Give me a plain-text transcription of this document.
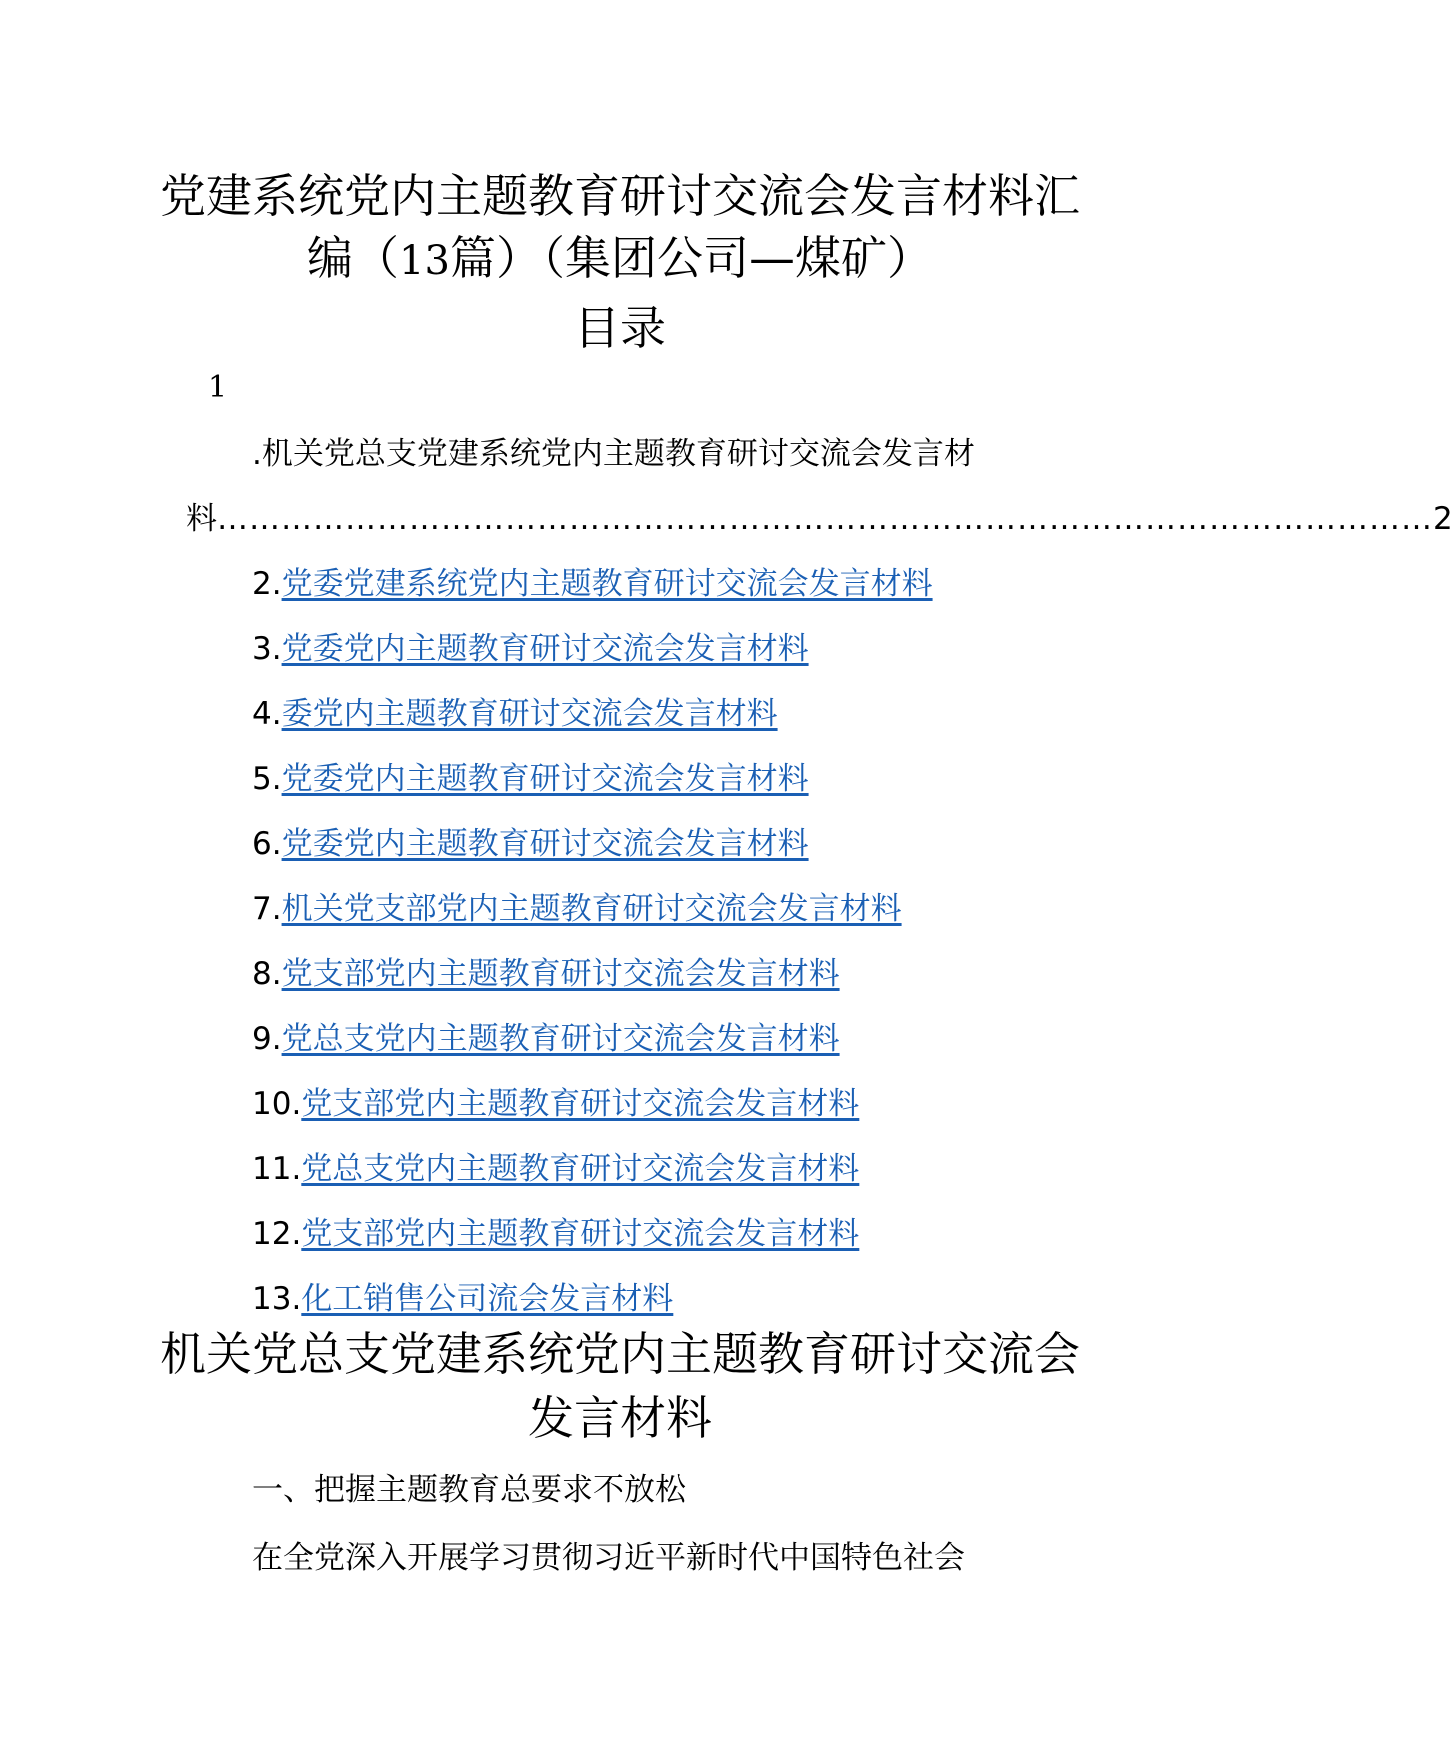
党建系统党内主题教育研讨交流会发言材料汇编（13篇）（集团公司—煤矿）
目录
1
.机关党总支党建系统党内主题教育研讨交流会发言材
料 …………………………………………………………………………………………………… 2
2.党委党建系统党内主题教育研讨交流会发言材料
3.党委党内主题教育研讨交流会发言材料
4.委党内主题教育研讨交流会发言材料
5.党委党内主题教育研讨交流会发言材料
6.党委党内主题教育研讨交流会发言材料
7.机关党支部党内主题教育研讨交流会发言材料
8.党支部党内主题教育研讨交流会发言材料
9.党总支党内主题教育研讨交流会发言材料
10.党支部党内主题教育研讨交流会发言材料
11.党总支党内主题教育研讨交流会发言材料
12.党支部党内主题教育研讨交流会发言材料
13.化工销售公司流会发言材料
机关党总支党建系统党内主题教育研讨交流会发言材料
一、把握主题教育总要求不放松

在全党深入开展学习贯彻习近平新时代中国特色社会
